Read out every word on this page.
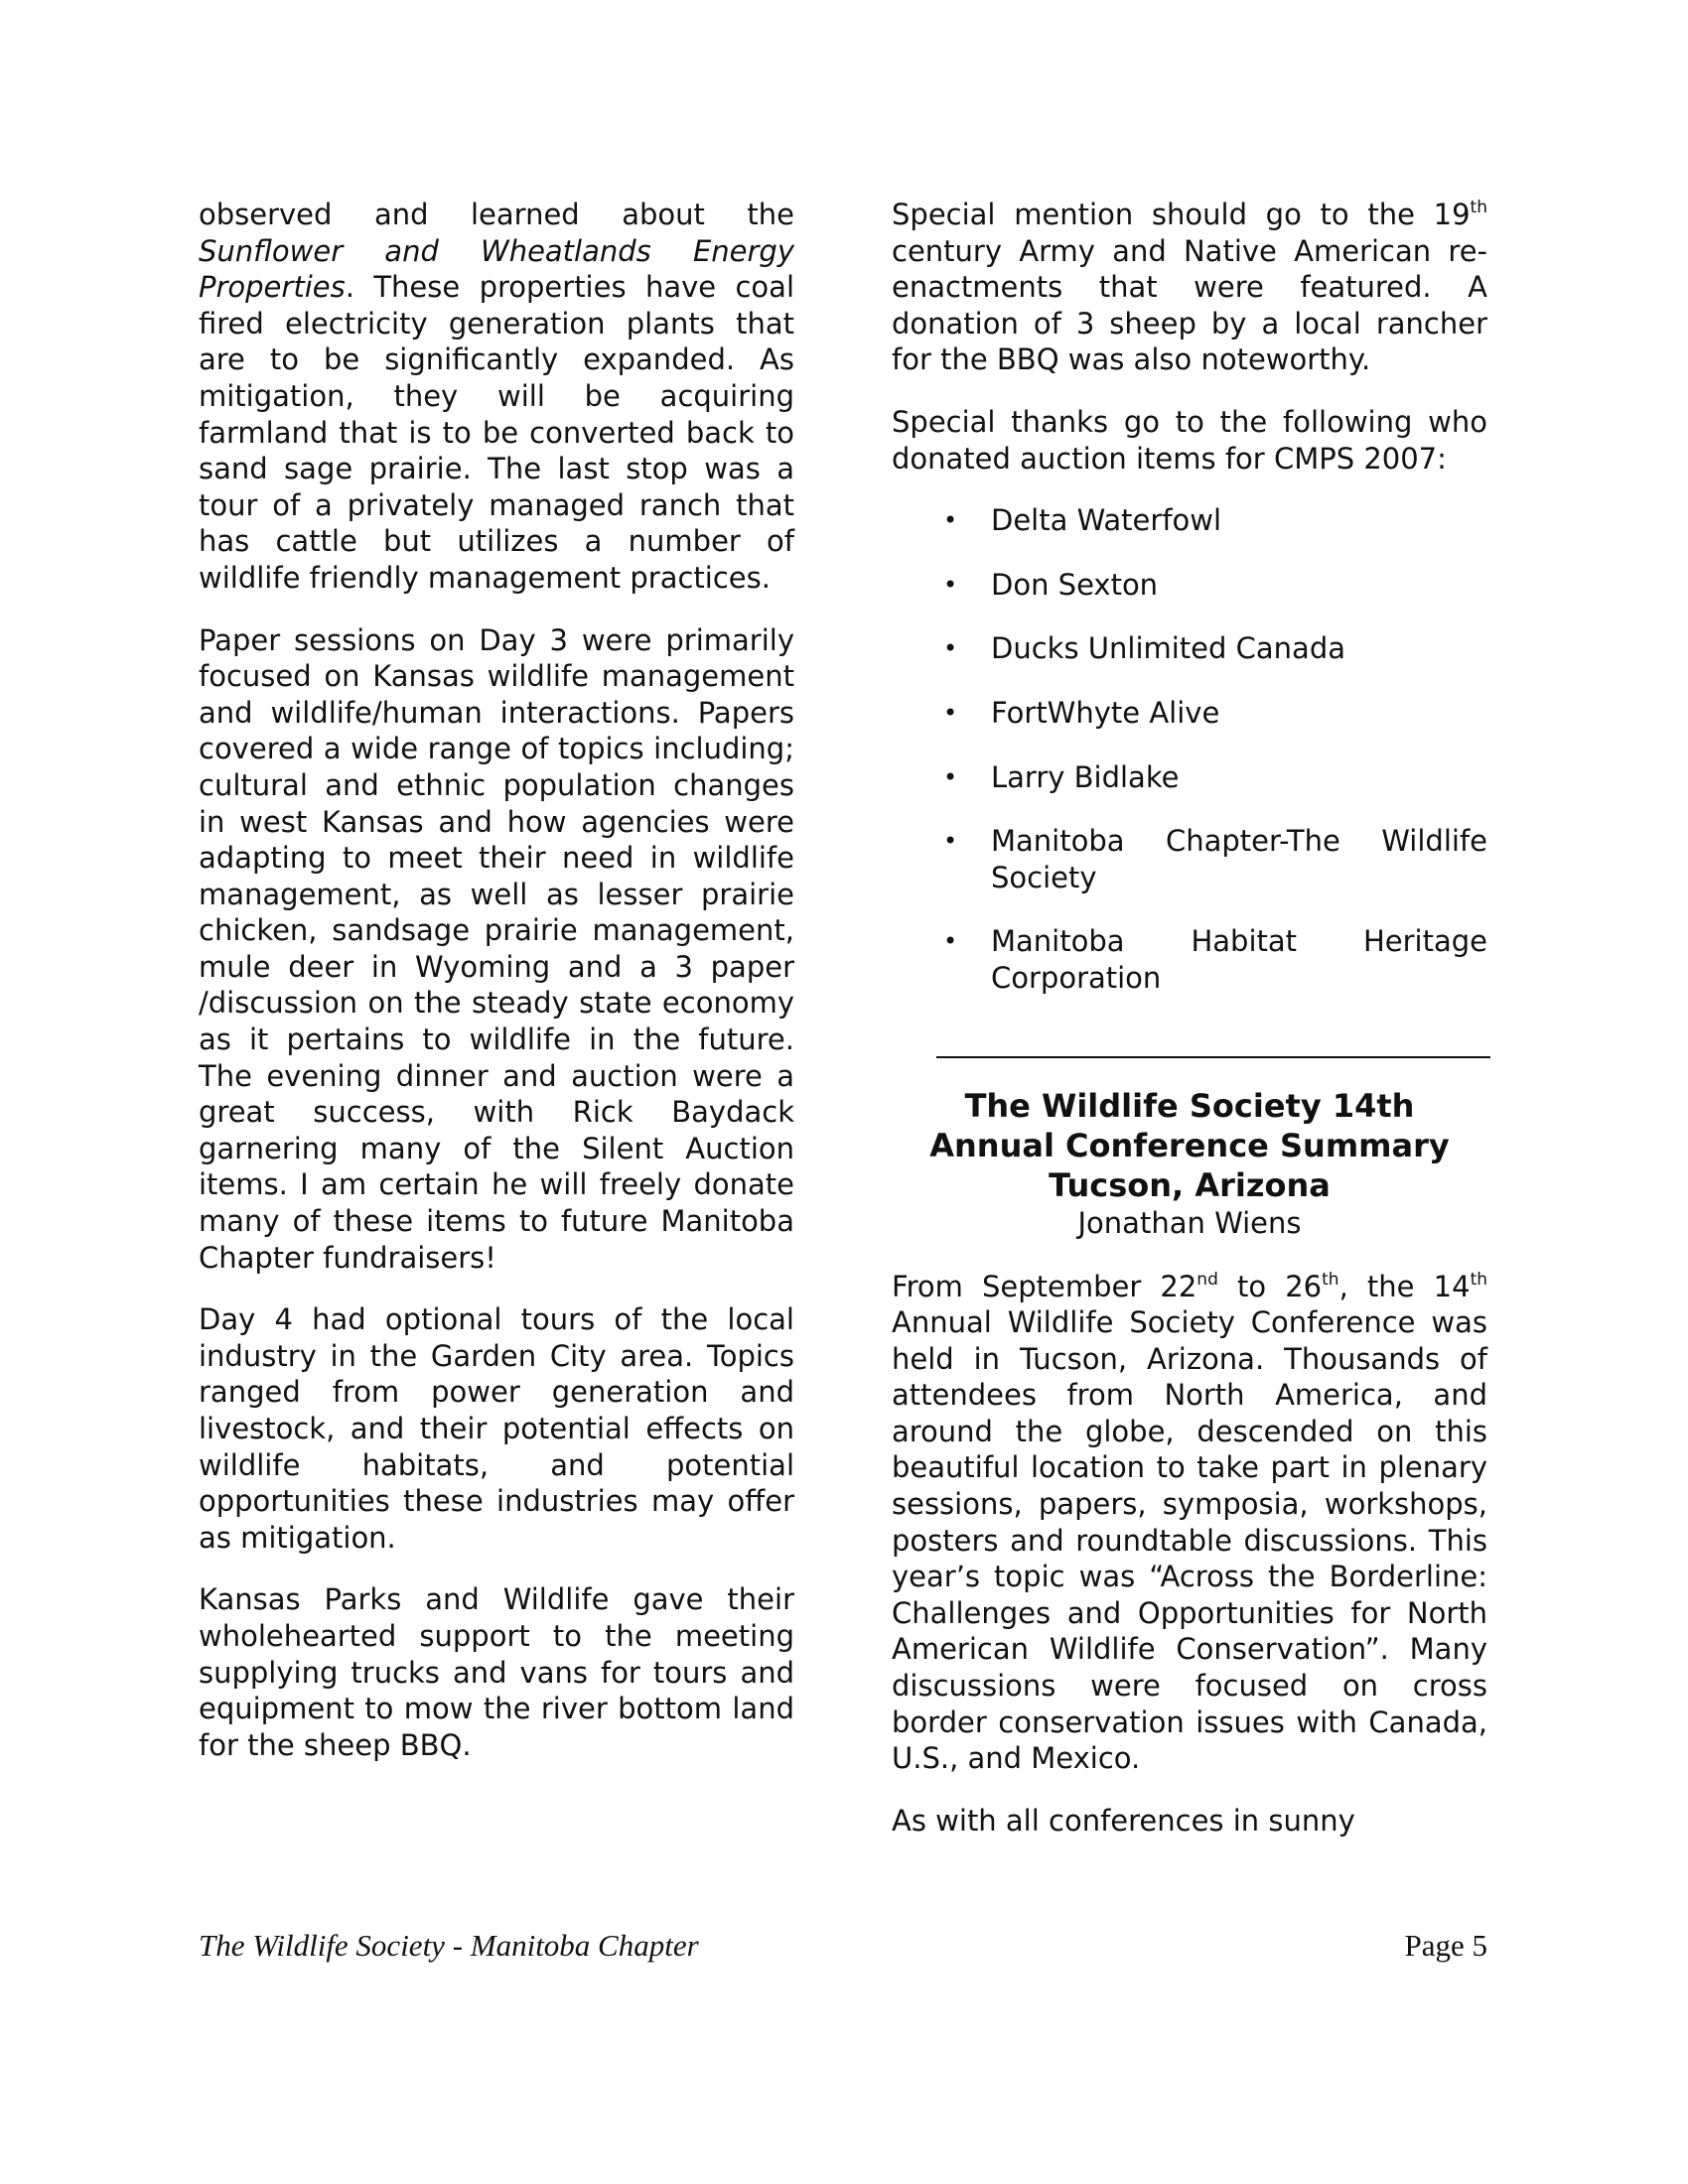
observed and learned about the Sunflower and Wheatlands Energy Properties. These properties have coal fired electricity generation plants that are to be significantly expanded. As mitigation, they will be acquiring farmland that is to be converted back to sand sage prairie. The last stop was a tour of a privately managed ranch that has cattle but utilizes a number of wildlife friendly management practices.

Paper sessions on Day 3 were primarily focused on Kansas wildlife management and wildlife/human interactions. Papers covered a wide range of topics including; cultural and ethnic population changes in west Kansas and how agencies were adapting to meet their need in wildlife management, as well as lesser prairie chicken, sandsage prairie management, mule deer in Wyoming and a 3 paper /discussion on the steady state economy as it pertains to wildlife in the future. The evening dinner and auction were a great success, with Rick Baydack garnering many of the Silent Auction items. I am certain he will freely donate many of these items to future Manitoba Chapter fundraisers!

Day 4 had optional tours of the local industry in the Garden City area. Topics ranged from power generation and livestock, and their potential effects on wildlife habitats, and potential opportunities these industries may offer as mitigation.

Kansas Parks and Wildlife gave their wholehearted support to the meeting supplying trucks and vans for tours and equipment to mow the river bottom land for the sheep BBQ.

Special mention should go to the 19th century Army and Native American re-enactments that were featured. A donation of 3 sheep by a local rancher for the BBQ was also noteworthy.

Special thanks go to the following who donated auction items for CMPS 2007:

• Delta Waterfowl
• Don Sexton
• Ducks Unlimited Canada
• FortWhyte Alive
• Larry Bidlake
• Manitoba Chapter-The Wildlife Society
• Manitoba Habitat Heritage Corporation
The Wildlife Society 14th
Annual Conference Summary
Tucson, Arizona
Jonathan Wiens

From September 22nd to 26th, the 14th Annual Wildlife Society Conference was held in Tucson, Arizona. Thousands of attendees from North America, and around the globe, descended on this beautiful location to take part in plenary sessions, papers, symposia, workshops, posters and roundtable discussions. This year’s topic was “Across the Borderline: Challenges and Opportunities for North American Wildlife Conservation”. Many discussions were focused on cross border conservation issues with Canada, U.S., and Mexico.

As with all conferences in sunny

The Wildlife Society - Manitoba Chapter	Page 5
